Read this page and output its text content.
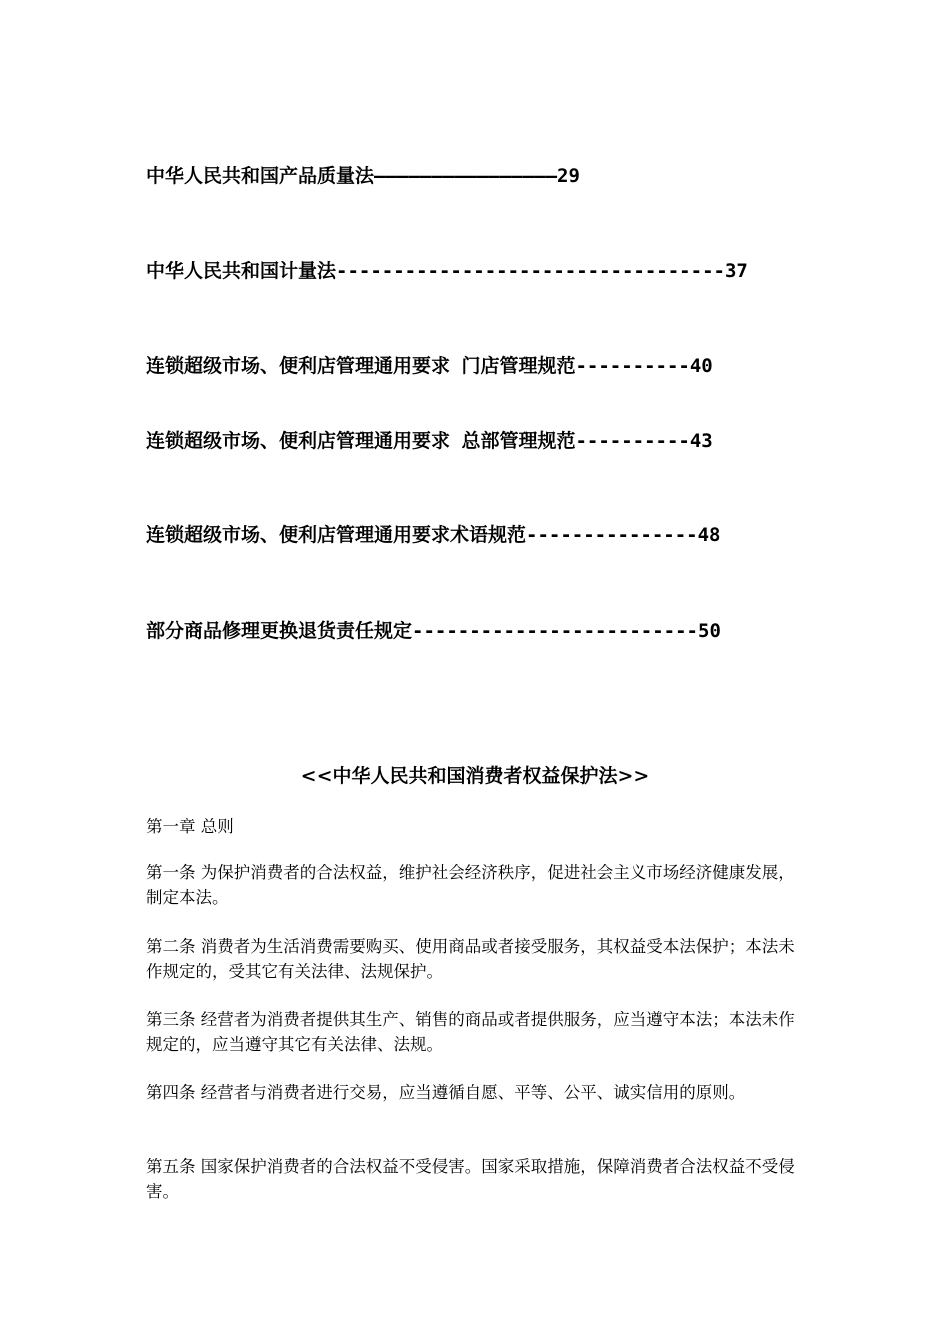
中华人民共和国产品质量法————————————————29
中华人民共和国计量法----------------------------------37
连锁超级市场、便利店管理通用要求 门店管理规范----------40
连锁超级市场、便利店管理通用要求 总部管理规范----------43
连锁超级市场、便利店管理通用要求术语规范---------------48
部分商品修理更换退货责任规定-------------------------50
<<中华人民共和国消费者权益保护法>>
第一章 总则
第一条 为保护消费者的合法权益，维护社会经济秩序，促进社会主义市场经济健康发展，制定本法。
第二条 消费者为生活消费需要购买、使用商品或者接受服务，其权益受本法保护；本法未作规定的，受其它有关法律、法规保护。
第三条 经营者为消费者提供其生产、销售的商品或者提供服务，应当遵守本法；本法未作规定的，应当遵守其它有关法律、法规。
第四条 经营者与消费者进行交易，应当遵循自愿、平等、公平、诚实信用的原则。
第五条 国家保护消费者的合法权益不受侵害。国家采取措施，保障消费者合法权益不受侵害。
